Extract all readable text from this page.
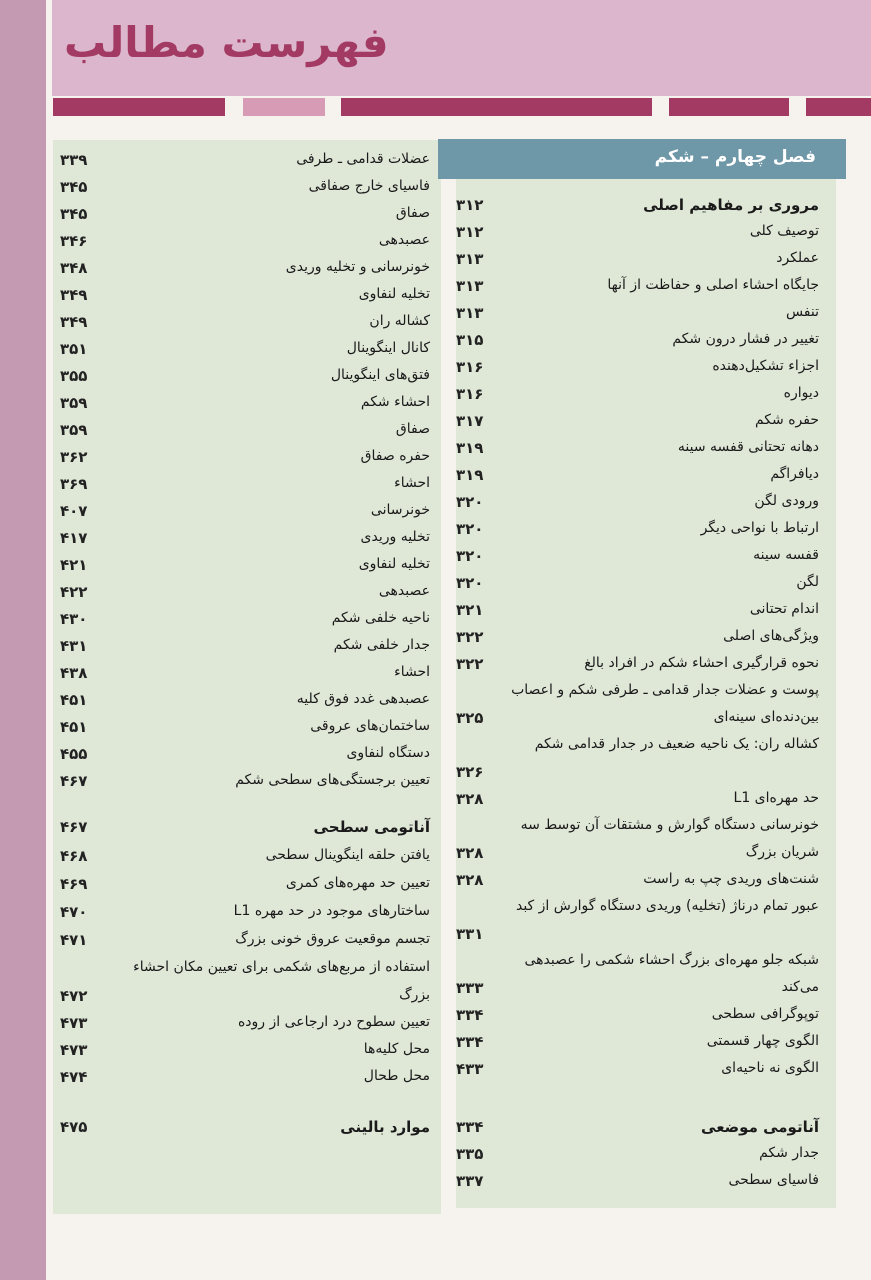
فهرست مطالب
فصل چهارم – شکم
مروری بر مفاهیم اصلی
۳۱۲
توصیف کلی
۳۱۲
عملکرد
۳۱۳
جایگاه احشاء اصلی و حفاظت از آنها
۳۱۳
تنفس
۳۱۳
تغییر در فشار درون شکم
۳۱۵
اجزاء تشکیل‌دهنده
۳۱۶
دیواره
۳۱۶
حفره شکم
۳۱۷
دهانه تحتانی قفسه سینه
۳۱۹
دیافراگم
۳۱۹
ورودی لگن
۳۲۰
ارتباط با نواحی دیگر
۳۲۰
قفسه سینه
۳۲۰
لگن
۳۲۰
اندام تحتانی
۳۲۱
ویژگی‌های اصلی
۳۲۲
نحوه قرارگیری احشاء شکم در افراد بالغ
۳۲۲
پوست و عضلات جدار قدامی ـ طرفی شکم و اعصاب
بین‌دنده‌ای سینه‌ای
۳۲۵
کشاله ران: یک ناحیه ضعیف در جدار قدامی شکم
۳۲۶
حد مهره‌ای L1
۳۲۸
خونرسانی دستگاه گوارش و مشتقات آن توسط سه
شریان بزرگ
۳۲۸
شنت‌های وریدی چپ به راست
۳۲۸
عبور تمام درناژ (تخلیه) وریدی دستگاه گوارش از کبد
۳۳۱
شبکه جلو مهره‌ای بزرگ احشاء شکمی را عصبدهی
می‌کند
۳۳۳
توپوگرافی سطحی
۳۳۴
الگوی چهار قسمتی
۳۳۴
الگوی نه ناحیه‌ای
۴۳۳
آناتومی موضعی
۳۳۴
جدار شکم
۳۳۵
فاسیای سطحی
۳۳۷
عضلات قدامی ـ طرفی
۳۳۹
فاسیای خارج صفاقی
۳۴۵
صفاق
۳۴۵
عصبدهی
۳۴۶
خونرسانی و تخلیه وریدی
۳۴۸
تخلیه لنفاوی
۳۴۹
کشاله ران
۳۴۹
کانال اینگوینال
۳۵۱
فتق‌های اینگوینال
۳۵۵
احشاء شکم
۳۵۹
صفاق
۳۵۹
حفره صفاق
۳۶۲
احشاء
۳۶۹
خونرسانی
۴۰۷
تخلیه وریدی
۴۱۷
تخلیه لنفاوی
۴۲۱
عصبدهی
۴۲۲
ناحیه خلفی شکم
۴۳۰
جدار خلفی شکم
۴۳۱
احشاء
۴۳۸
عصبدهی غدد فوق کلیه
۴۵۱
ساختمان‌های عروقی
۴۵۱
دستگاه لنفاوی
۴۵۵
تعیین برجستگی‌های سطحی شکم
۴۶۷
آناتومی سطحی
۴۶۷
یافتن حلقه اینگوینال سطحی
۴۶۸
تعیین حد مهره‌های کمری
۴۶۹
ساختارهای موجود در حد مهره L1
۴۷۰
تجسم موقعیت عروق خونی بزرگ
۴۷۱
استفاده از مربع‌های شکمی برای تعیین مکان احشاء
بزرگ
۴۷۲
تعیین سطوح درد ارجاعی از روده
۴۷۳
محل کلیه‌ها
۴۷۳
محل طحال
۴۷۴
موارد بالینی
۴۷۵
